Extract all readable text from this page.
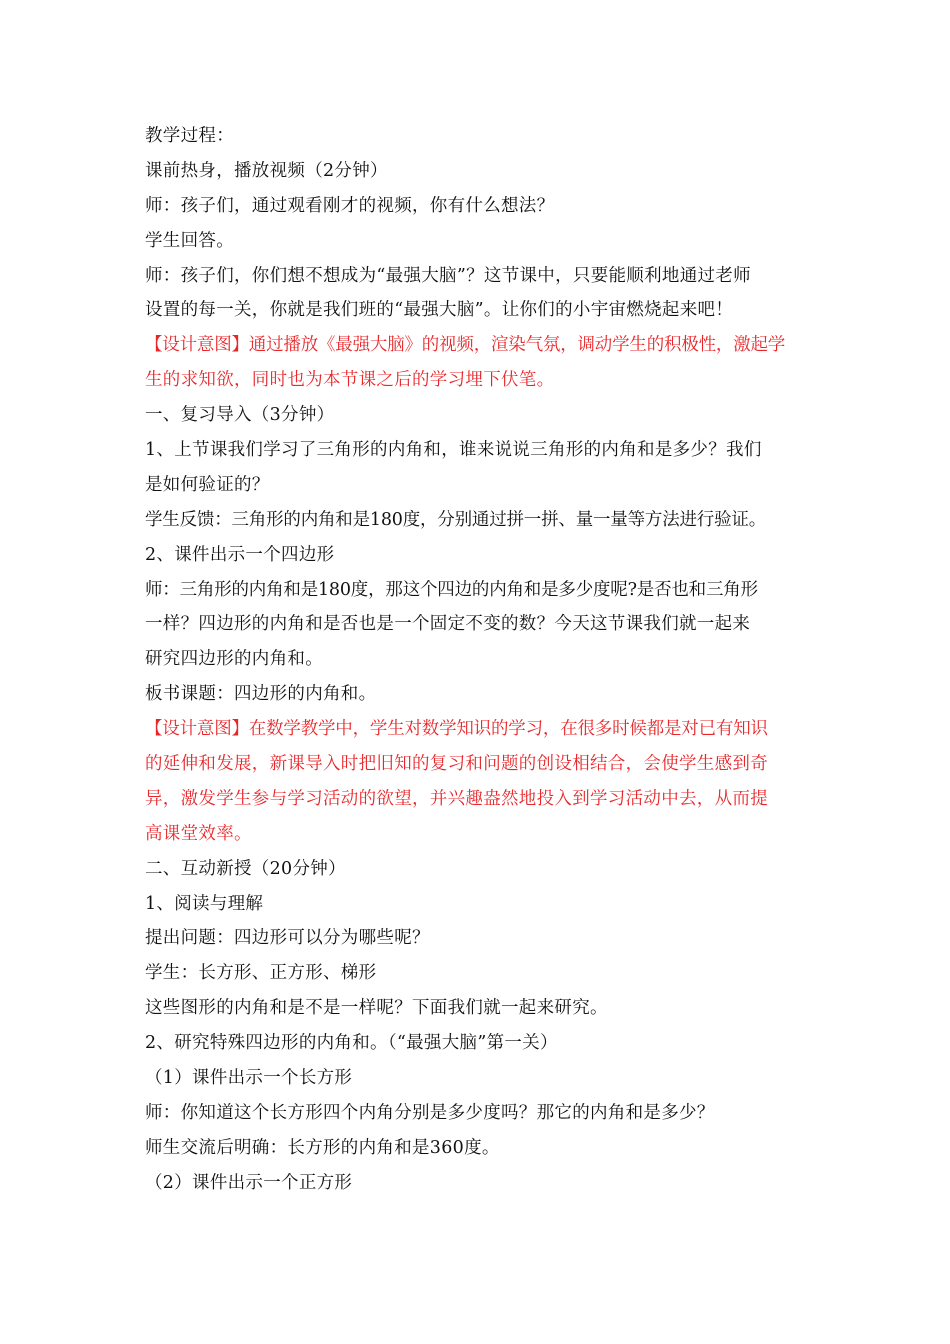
教学过程：
课前热身，播放视频（2分钟）
师：孩子们，通过观看刚才的视频，你有什么想法？
学生回答。
师：孩子们，你们想不想成为“最强大脑”？这节课中，只要能顺利地通过老师
设置的每一关，你就是我们班的“最强大脑”。让你们的小宇宙燃烧起来吧！
【设计意图】通过播放《最强大脑》的视频，渲染气氛，调动学生的积极性，激起学
生的求知欲，同时也为本节课之后的学习埋下伏笔。
一、复习导入（3分钟）
1、上节课我们学习了三角形的内角和，谁来说说三角形的内角和是多少？我们
是如何验证的？
学生反馈：三角形的内角和是180度，分别通过拼一拼、量一量等方法进行验证。
2、课件出示一个四边形
师：三角形的内角和是180度，那这个四边的内角和是多少度呢?是否也和三角形
一样？四边形的内角和是否也是一个固定不变的数？今天这节课我们就一起来
研究四边形的内角和。
板书课题：四边形的内角和。
【设计意图】在数学教学中，学生对数学知识的学习，在很多时候都是对已有知识
的延伸和发展，新课导入时把旧知的复习和问题的创设相结合，会使学生感到奇
异，激发学生参与学习活动的欲望，并兴趣盎然地投入到学习活动中去，从而提
高课堂效率。
二、互动新授（20分钟）
1、阅读与理解
提出问题：四边形可以分为哪些呢？
学生：长方形、正方形、梯形
这些图形的内角和是不是一样呢？下面我们就一起来研究。
2、研究特殊四边形的内角和。（“最强大脑”第一关）
（1）课件出示一个长方形
师：你知道这个长方形四个内角分别是多少度吗？那它的内角和是多少？
师生交流后明确：长方形的内角和是360度。
（2）课件出示一个正方形
